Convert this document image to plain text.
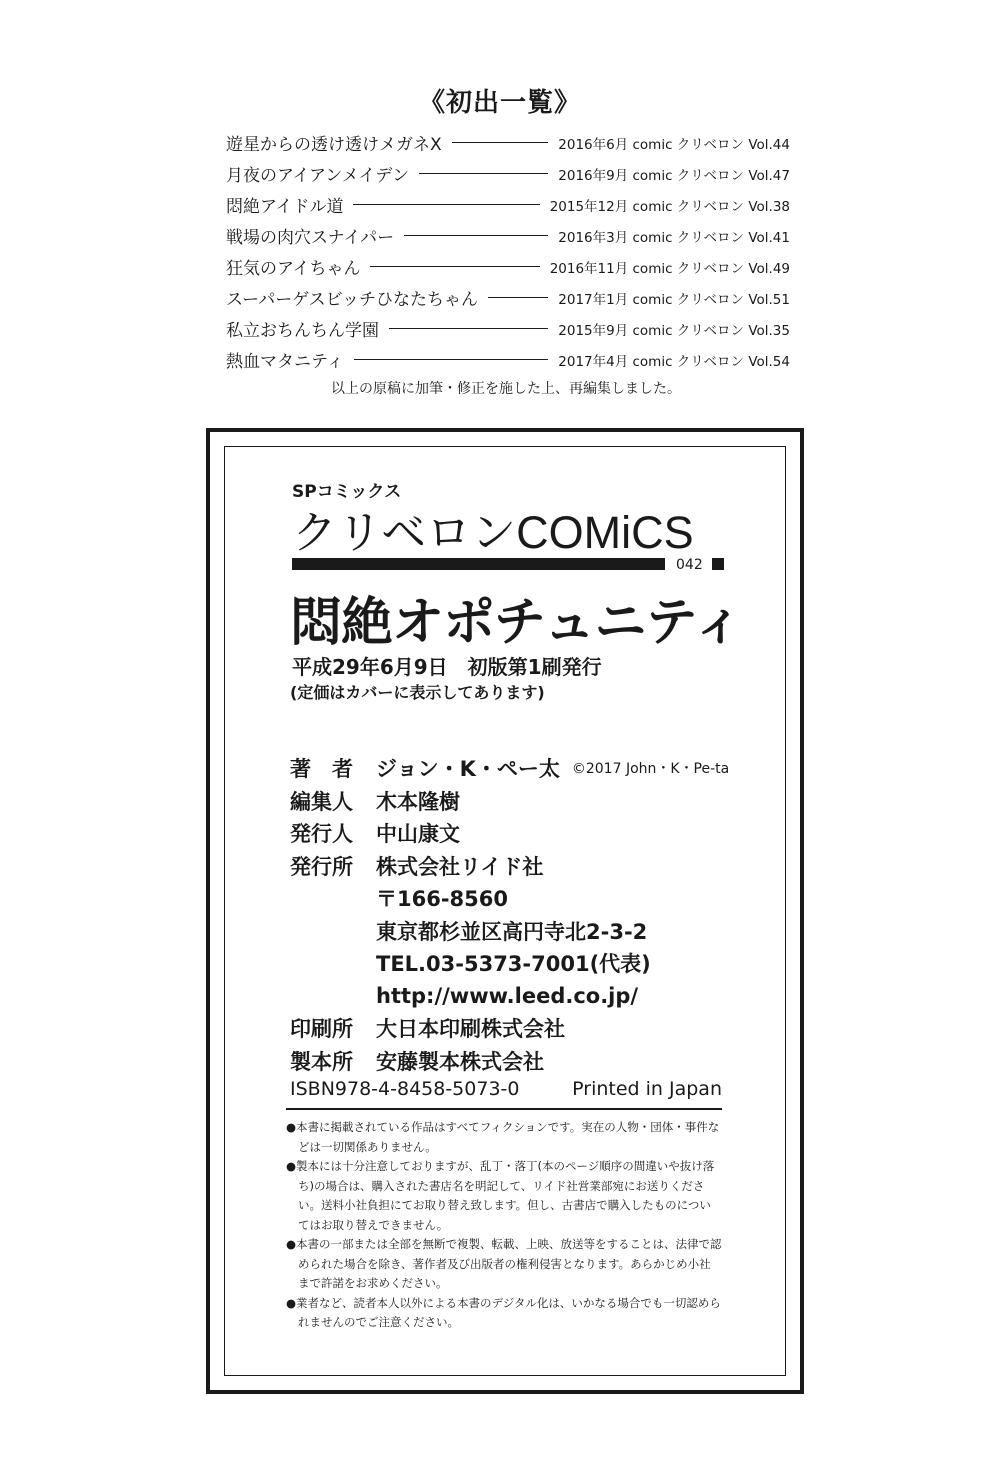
《初出一覧》
遊星からの透け透けメガネX	2016年6月 comic クリベロン Vol.44
月夜のアイアンメイデン	2016年9月 comic クリベロン Vol.47
悶絶アイドル道	2015年12月 comic クリベロン Vol.38
戦場の肉穴スナイパー	2016年3月 comic クリベロン Vol.41
狂気のアイちゃん	2016年11月 comic クリベロン Vol.49
スーパーゲスビッチひなたちゃん	2017年1月 comic クリベロン Vol.51
私立おちんちん学園	2015年9月 comic クリベロン Vol.35
熱血マタニティ	2017年4月 comic クリベロン Vol.54
以上の原稿に加筆・修正を施した上、再編集しました。
SPコミックス
クリベロンCOMiCS
042
悶絶オポチュニティ
平成29年6月9日　初版第1刷発行
(定価はカバーに表示してあります)
著　者	ジョン・K・ペー太 ©2017 John・K・Pe-ta
編集人	木本隆樹
発行人	中山康文
発行所	株式会社リイド社
〒166-8560
東京都杉並区高円寺北2-3-2
TEL.03-5373-7001(代表)
http://www.leed.co.jp/
印刷所	大日本印刷株式会社
製本所	安藤製本株式会社
ISBN978-4-8458-5073-0	Printed in Japan
●本書に掲載されている作品はすべてフィクションです。実在の人物・団体・事件などは一切関係ありません。
●製本には十分注意しておりますが、乱丁・落丁(本のページ順序の間違いや抜け落ち)の場合は、購入された書店名を明記して、リイド社営業部宛にお送りください。送料小社負担にてお取り替え致します。但し、古書店で購入したものについてはお取り替えできません。
●本書の一部または全部を無断で複製、転載、上映、放送等をすることは、法律で認められた場合を除き、著作者及び出版者の権利侵害となります。あらかじめ小社まで許諾をお求めください。
●業者など、読者本人以外による本書のデジタル化は、いかなる場合でも一切認められませんのでご注意ください。
